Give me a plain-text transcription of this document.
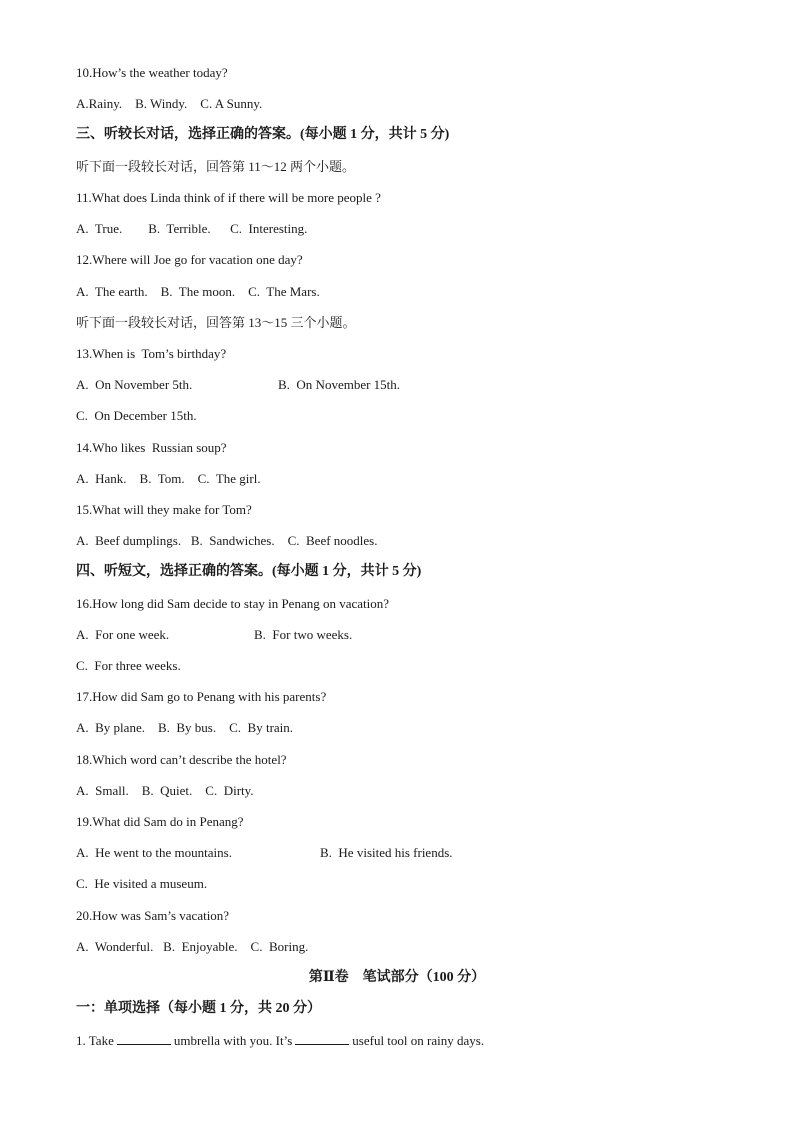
10.How’s the weather today?
A.Rainy.    B. Windy.    C. A Sunny.
三、听较长对话，选择正确的答案。(每小题 1 分，共计 5 分)
听下面一段较长对话，回答第 11～12 两个小题。
11.What does Linda think of if there will be more people ?
A.  True.        B.  Terrible.      C.  Interesting.
12.Where will Joe go for vacation one day?
A.  The earth.    B.  The moon.    C.  The Mars.
听下面一段较长对话，回答第 13～15 三个小题。
13.When is  Tom’s birthday?
A.  On November 5th.	B.  On November 15th.
C.  On December 15th.
14.Who likes  Russian soup?
A.  Hank.    B.  Tom.    C.  The girl.
15.What will they make for Tom?
A.  Beef dumplings.   B.  Sandwiches.    C.  Beef noodles.
四、听短文，选择正确的答案。(每小题 1 分，共计 5 分)
16.How long did Sam decide to stay in Penang on vacation?
A.  For one week.	B.  For two weeks.
C.  For three weeks.
17.How did Sam go to Penang with his parents?
A.  By plane.    B.  By bus.    C.  By train.
18.Which word can’t describe the hotel?
A.  Small.    B.  Quiet.    C.  Dirty.
19.What did Sam do in Penang?
A.  He went to the mountains.	B.  He visited his friends.
C.  He visited a museum.
20.How was Sam’s vacation?
A.  Wonderful.   B.  Enjoyable.    C.  Boring.
第Ⅱ卷    笔试部分（100 分）
一：单项选择（每小题 1 分，共 20 分）
1. Take	umbrella with you. It’s	useful tool on rainy days.
